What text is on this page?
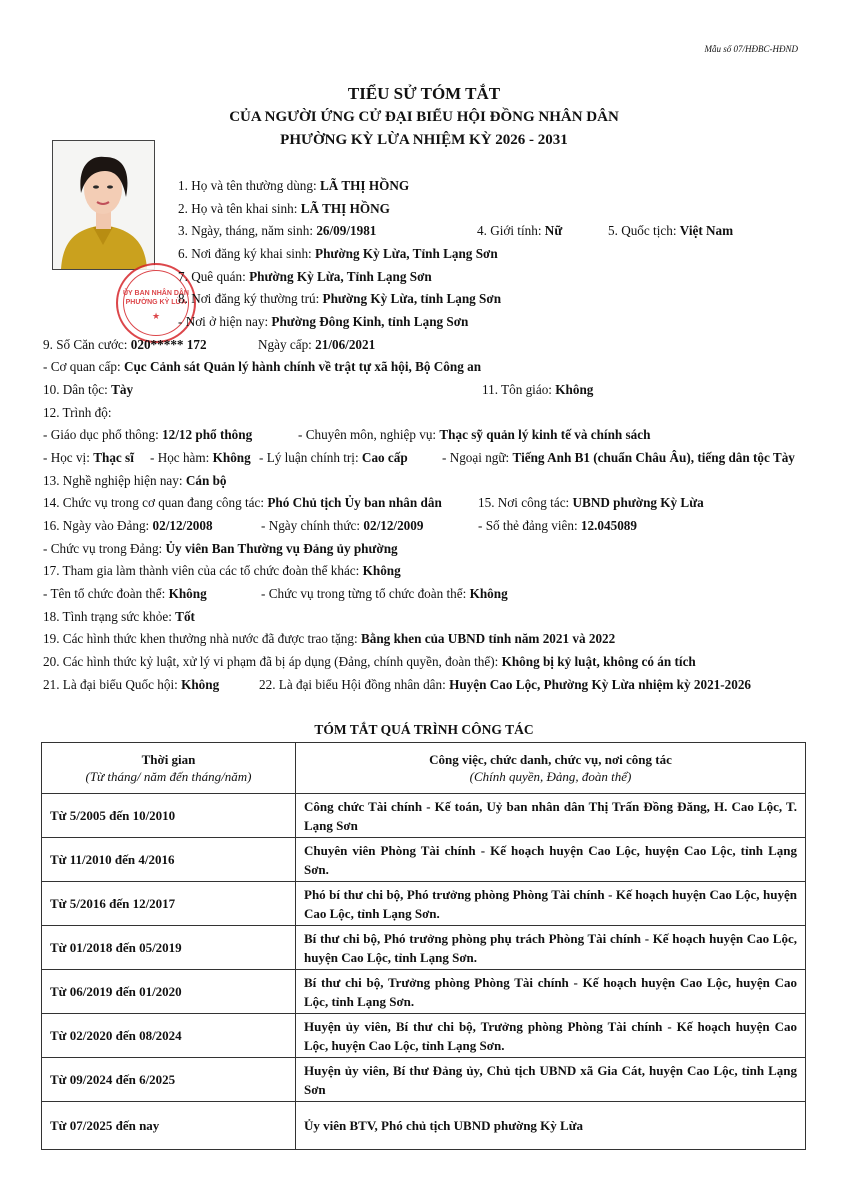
Mẫu số 07/HĐBC-HĐND
TIỂU SỬ TÓM TẮT
CỦA NGƯỜI ỨNG CỬ ĐẠI BIỂU HỘI ĐỒNG NHÂN DÂN
PHƯỜNG KỲ LỪA NHIỆM KỲ 2026 - 2031
ỦY BAN NHÂN DÂN
PHƯỜNG KỲ LỪA
★
1. Họ và tên thường dùng: LÃ THỊ HỒNG
2. Họ và tên khai sinh: LÃ THỊ HỒNG
3. Ngày, tháng, năm sinh: 26/09/1981	4. Giới tính: Nữ	5. Quốc tịch: Việt Nam
6. Nơi đăng ký khai sinh: Phường Kỳ Lừa, Tỉnh Lạng Sơn
7. Quê quán: Phường Kỳ Lừa, Tỉnh Lạng Sơn
8. Nơi đăng ký thường trú: Phường Kỳ Lừa, tỉnh Lạng Sơn
- Nơi ở hiện nay: Phường Đông Kinh, tỉnh Lạng Sơn
9. Số Căn cước: 020***** 172	Ngày cấp: 21/06/2021
- Cơ quan cấp: Cục Cảnh sát Quản lý hành chính về trật tự xã hội, Bộ Công an
10. Dân tộc: Tày	11. Tôn giáo: Không
12. Trình độ:
- Giáo dục phổ thông: 12/12 phổ thông	- Chuyên môn, nghiệp vụ: Thạc sỹ quản lý kinh tế và chính sách
- Học vị: Thạc sĩ - Học hàm: Không - Lý luận chính trị: Cao cấp	- Ngoại ngữ: Tiếng Anh B1 (chuẩn Châu Âu), tiếng dân tộc Tày
13. Nghề nghiệp hiện nay: Cán bộ
14. Chức vụ trong cơ quan đang công tác: Phó Chủ tịch Ủy ban nhân dân	15. Nơi công tác: UBND phường Kỳ Lừa
16. Ngày vào Đảng: 02/12/2008	- Ngày chính thức: 02/12/2009	- Số thẻ đảng viên: 12.045089
- Chức vụ trong Đảng: Ủy viên Ban Thường vụ Đảng ủy phường
17. Tham gia làm thành viên của các tổ chức đoàn thể khác: Không
- Tên tổ chức đoàn thể: Không	- Chức vụ trong từng tổ chức đoàn thể: Không
18. Tình trạng sức khỏe: Tốt
19. Các hình thức khen thưởng nhà nước đã được trao tặng: Bằng khen của UBND tỉnh năm 2021 và 2022
20. Các hình thức kỷ luật, xử lý vi phạm đã bị áp dụng (Đảng, chính quyền, đoàn thể): Không bị kỷ luật, không có án tích
21. Là đại biểu Quốc hội: Không	22. Là đại biểu Hội đồng nhân dân: Huyện Cao Lộc, Phường Kỳ Lừa nhiệm kỳ 2021-2026
TÓM TẮT QUÁ TRÌNH CÔNG TÁC
Thời gian
(Từ tháng/ năm đến tháng/năm)	Công việc, chức danh, chức vụ, nơi công tác
(Chính quyền, Đảng, đoàn thể)

Từ 5/2005 đến 10/2010	Công chức Tài chính - Kế toán, Uỷ ban nhân dân Thị Trấn Đồng Đăng, H. Cao Lộc, T. Lạng Sơn
Từ 11/2010 đến 4/2016	Chuyên viên Phòng Tài chính - Kế hoạch huyện Cao Lộc, huyện Cao Lộc, tỉnh Lạng Sơn.
Từ 5/2016 đến 12/2017	Phó bí thư chi bộ, Phó trưởng phòng Phòng Tài chính - Kế hoạch huyện Cao Lộc, huyện Cao Lộc, tỉnh Lạng Sơn.
Từ 01/2018 đến 05/2019	Bí thư chi bộ, Phó trưởng phòng phụ trách Phòng Tài chính - Kế hoạch huyện Cao Lộc, huyện Cao Lộc, tỉnh Lạng Sơn.
Từ 06/2019 đến 01/2020	Bí thư chi bộ, Trưởng phòng Phòng Tài chính - Kế hoạch huyện Cao Lộc, huyện Cao Lộc, tỉnh Lạng Sơn.
Từ 02/2020 đến 08/2024	Huyện ủy viên, Bí thư chi bộ, Trưởng phòng Phòng Tài chính - Kế hoạch huyện Cao Lộc, huyện Cao Lộc, tỉnh Lạng Sơn.
Từ 09/2024 đến 6/2025	Huyện ủy viên, Bí thư Đảng ủy, Chủ tịch UBND xã Gia Cát, huyện Cao Lộc, tỉnh Lạng Sơn
Từ 07/2025 đến nay	Ủy viên BTV, Phó chủ tịch UBND phường Kỳ Lừa
